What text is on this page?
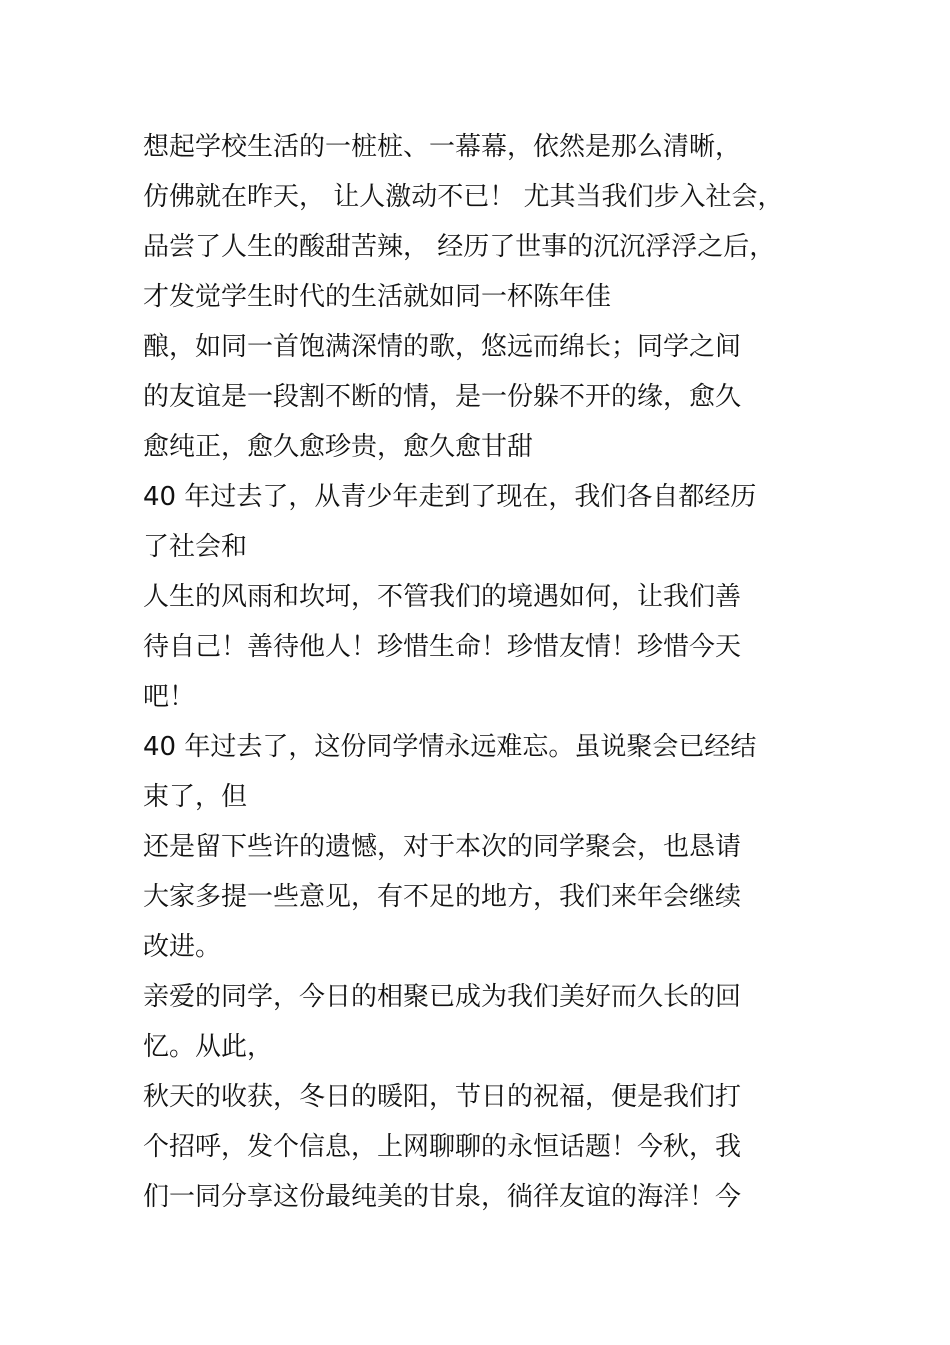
想起学校生活的一桩桩、一幕幕，依然是那么清晰，
仿佛就在昨天， 让人激动不已！ 尤其当我们步入社会，
品尝了人生的酸甜苦辣， 经历了世事的沉沉浮浮之后，
才发觉学生时代的生活就如同一杯陈年佳
酿，如同一首饱满深情的歌，悠远而绵长；同学之间
的友谊是一段割不断的情，是一份躲不开的缘，愈久
愈纯正，愈久愈珍贵，愈久愈甘甜
40 年过去了，从青少年走到了现在，我们各自都经历
了社会和
人生的风雨和坎坷，不管我们的境遇如何，让我们善
待自己！善待他人！珍惜生命！珍惜友情！珍惜今天
吧！
40 年过去了，这份同学情永远难忘。虽说聚会已经结
束了，但
还是留下些许的遗憾，对于本次的同学聚会，也恳请
大家多提一些意见，有不足的地方，我们来年会继续
改进。
亲爱的同学，今日的相聚已成为我们美好而久长的回
忆。从此，
秋天的收获，冬日的暖阳，节日的祝福，便是我们打
个招呼，发个信息，上网聊聊的永恒话题！今秋，我
们一同分享这份最纯美的甘泉，徜徉友谊的海洋！今
